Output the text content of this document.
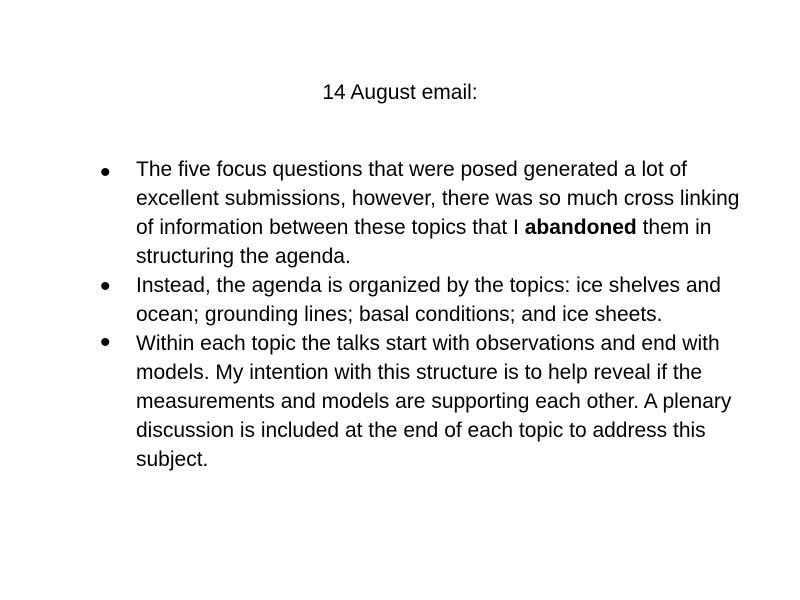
14 August email:
• The five focus questions that were posed generated a lot of excellent submissions, however, there was so much cross linking of information between these topics that I abandoned them in structuring the agenda.
• Instead, the agenda is organized by the topics: ice shelves and ocean; grounding lines; basal conditions; and ice sheets.
• Within each topic the talks start with observations and end with models. My intention with this structure is to help reveal if the measurements and models are supporting each other. A plenary discussion is included at the end of each topic to address this subject.
